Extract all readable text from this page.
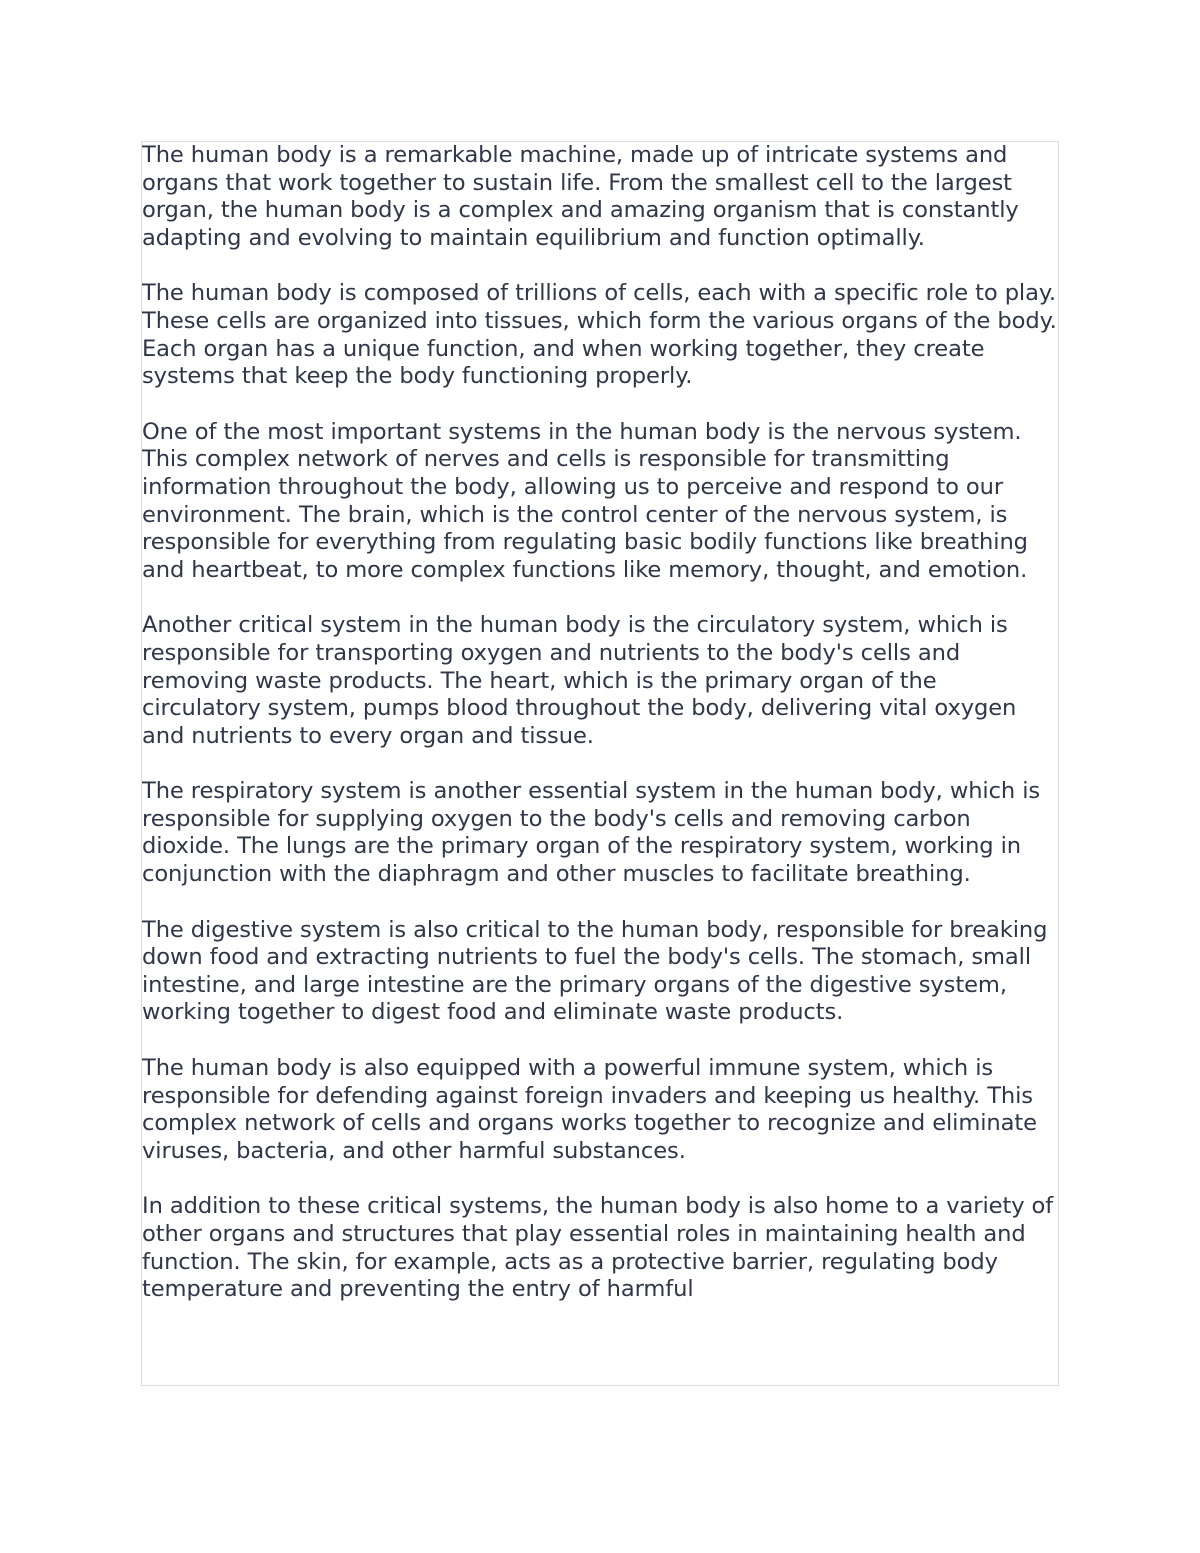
The human body is a remarkable machine, made up of intricate systems and organs that work together to sustain life. From the smallest cell to the largest organ, the human body is a complex and amazing organism that is constantly adapting and evolving to maintain equilibrium and function optimally.

The human body is composed of trillions of cells, each with a specific role to play. These cells are organized into tissues, which form the various organs of the body. Each organ has a unique function, and when working together, they create systems that keep the body functioning properly.

One of the most important systems in the human body is the nervous system. This complex network of nerves and cells is responsible for transmitting information throughout the body, allowing us to perceive and respond to our environment. The brain, which is the control center of the nervous system, is responsible for everything from regulating basic bodily functions like breathing and heartbeat, to more complex functions like memory, thought, and emotion.

Another critical system in the human body is the circulatory system, which is responsible for transporting oxygen and nutrients to the body's cells and removing waste products. The heart, which is the primary organ of the circulatory system, pumps blood throughout the body, delivering vital oxygen and nutrients to every organ and tissue.

The respiratory system is another essential system in the human body, which is responsible for supplying oxygen to the body's cells and removing carbon dioxide. The lungs are the primary organ of the respiratory system, working in conjunction with the diaphragm and other muscles to facilitate breathing.

The digestive system is also critical to the human body, responsible for breaking down food and extracting nutrients to fuel the body's cells. The stomach, small intestine, and large intestine are the primary organs of the digestive system, working together to digest food and eliminate waste products.

The human body is also equipped with a powerful immune system, which is responsible for defending against foreign invaders and keeping us healthy. This complex network of cells and organs works together to recognize and eliminate viruses, bacteria, and other harmful substances.

In addition to these critical systems, the human body is also home to a variety of other organs and structures that play essential roles in maintaining health and function. The skin, for example, acts as a protective barrier, regulating body temperature and preventing the entry of harmful
